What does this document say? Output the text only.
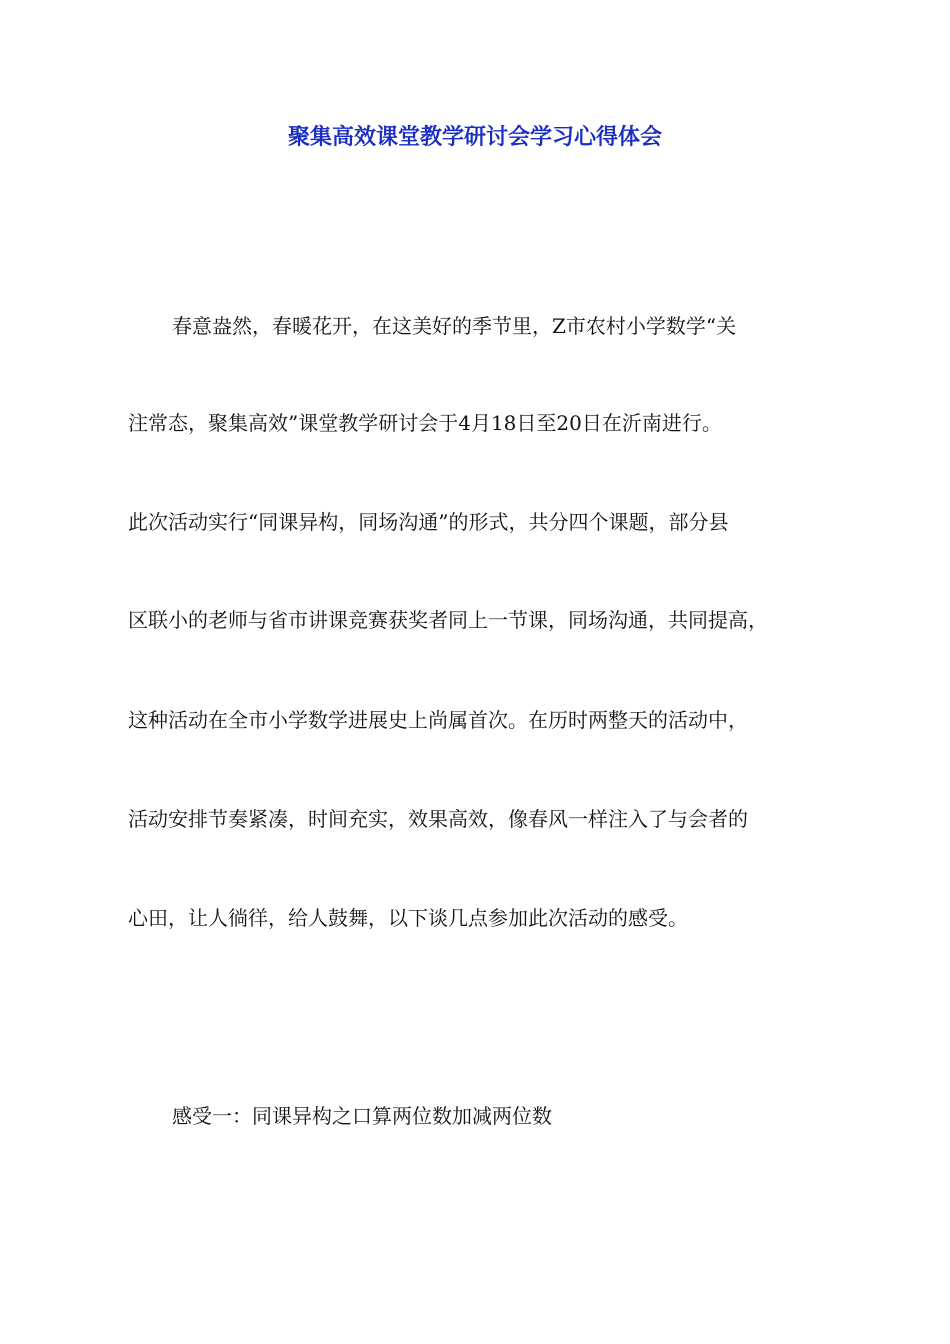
聚集高效课堂教学研讨会学习心得体会
春意盎然，春暖花开，在这美好的季节里，Z市农村小学数学“关
注常态，聚集高效”课堂教学研讨会于4月18日至20日在沂南进行。
此次活动实行“同课异构，同场沟通”的形式，共分四个课题，部分县
区联小的老师与省市讲课竞赛获奖者同上一节课，同场沟通，共同提高，
这种活动在全市小学数学进展史上尚属首次。在历时两整天的活动中，
活动安排节奏紧凑，时间充实，效果高效，像春风一样注入了与会者的
心田，让人徜徉，给人鼓舞，以下谈几点参加此次活动的感受。
感受一：同课异构之口算两位数加减两位数
